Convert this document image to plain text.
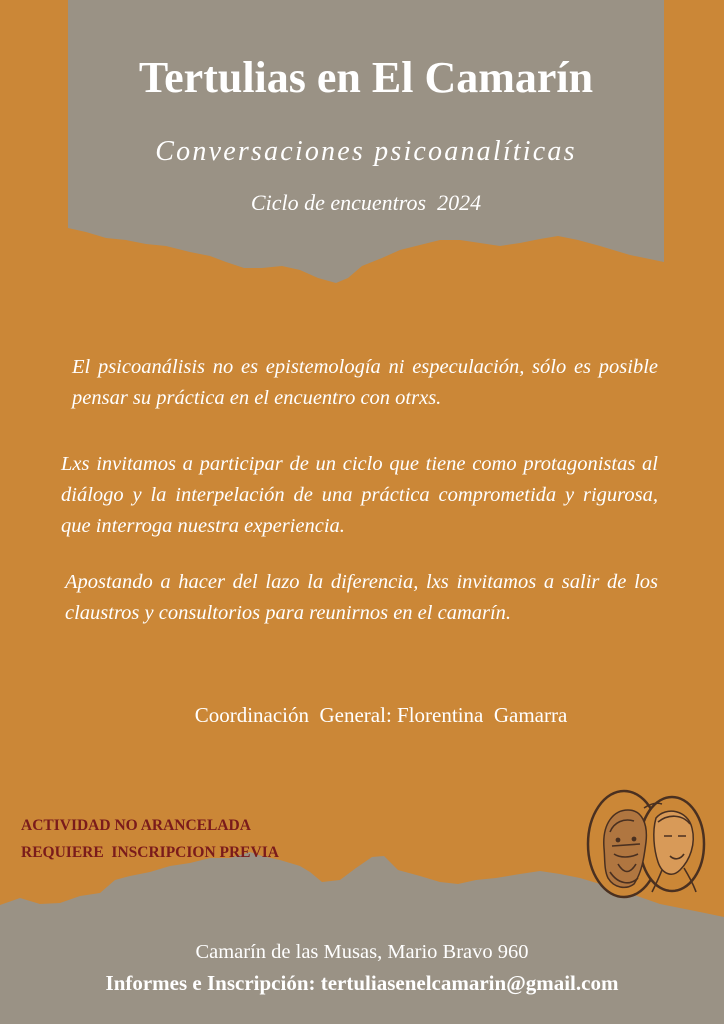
Tertulias en El Camarín
Conversaciones psicoanalíticas
Ciclo de encuentros  2024

El psicoanálisis no es epistemología ni especulación, sólo es posible pensar su práctica en el encuentro con otrxs.

Lxs invitamos a participar de un ciclo que tiene como protagonistas al diálogo y la interpelación de una práctica comprometida y rigurosa, que interroga nuestra experiencia.

Apostando a hacer del lazo la diferencia, lxs invitamos a salir de los claustros y consultorios para reunirnos en el camarín.

Coordinación  General: Florentina  Gamarra
ACTIVIDAD NO ARANCELADA
REQUIERE  INSCRIPCION PREVIA
Camarín de las Musas, Mario Bravo 960
Informes e Inscripción: tertuliasenelcamarin@gmail.com
